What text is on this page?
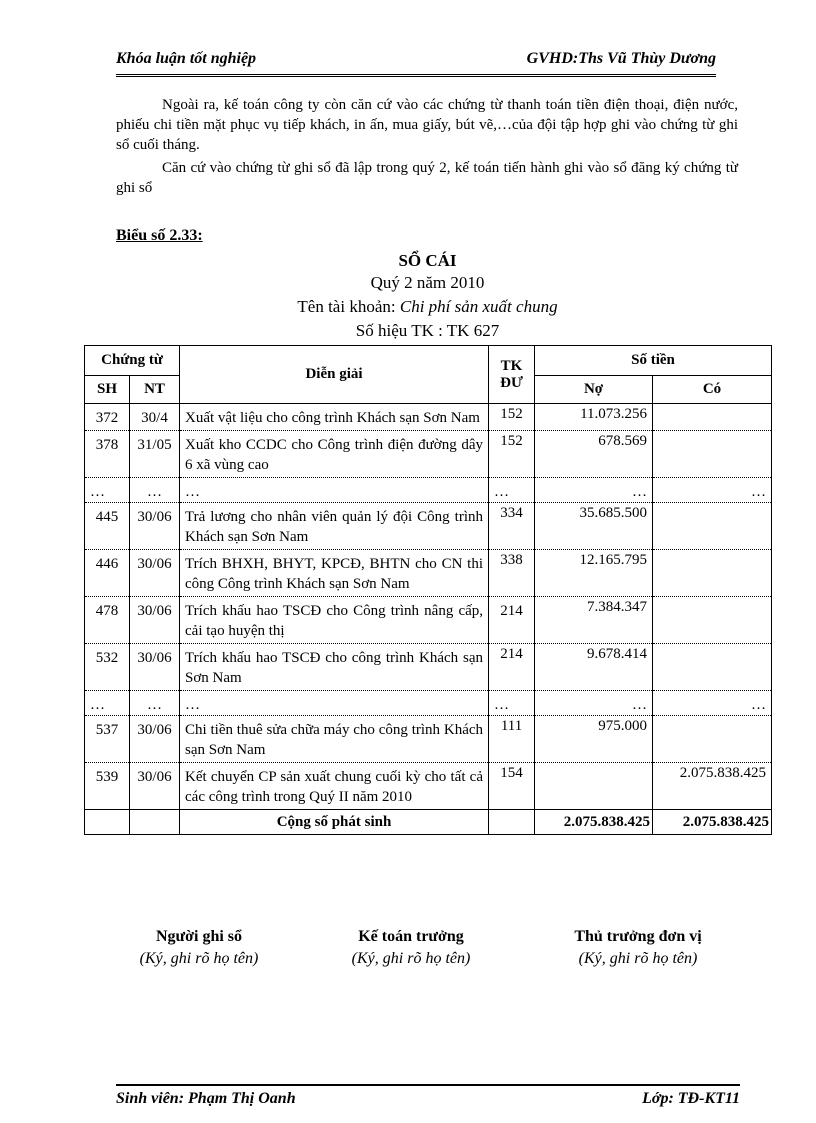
Khóa luận tốt nghiệp	GVHD:Ths Vũ Thùy Dương

Ngoài ra, kế toán công ty còn căn cứ vào các chứng từ thanh toán tiền điện thoại, điện nước, phiếu chi tiền mặt phục vụ tiếp khách, in ấn, mua giấy, bút vẽ,…của đội tập hợp ghi vào chứng từ ghi sổ cuối tháng.

Căn cứ vào chứng từ ghi sổ đã lập trong quý 2, kế toán tiến hành ghi vào sổ đăng ký chứng từ ghi sổ

Biểu số 2.33:
SỔ CÁI
Quý 2 năm 2010
Tên tài khoản: Chi phí sản xuất chung
Số hiệu TK : TK 627
Chứng từ		Diễn giải	TK ĐƯ	Số tiền	
SH	NT			Nợ	Có
372	30/4	Xuất vật liệu cho công trình Khách sạn Sơn Nam	152	11.073.256	
378	31/05	Xuất kho CCDC cho Công trình điện đường dây 6 xã vùng cao	152	678.569	
…	…	…	…	…	…
445	30/06	Trả lương cho nhân viên quản lý đội Công trình Khách sạn Sơn Nam	334	35.685.500	
446	30/06	Trích BHXH, BHYT, KPCĐ, BHTN cho CN thi công Công trình Khách sạn Sơn Nam	338	12.165.795	
478	30/06	Trích khấu hao TSCĐ cho Công trình nâng cấp, cải tạo huyện thị	214	7.384.347	
532	30/06	Trích khấu hao TSCĐ cho công trình Khách sạn Sơn Nam	214	9.678.414	
…	…	…	…	…	…
537	30/06	Chi tiền thuê sửa chữa máy cho công trình Khách sạn Sơn Nam	111	975.000	
539	30/06	Kết chuyển CP sản xuất chung cuối kỳ cho tất cả các công trình trong Quý II năm 2010	154		2.075.838.425
		Cộng số phát sinh		2.075.838.425	2.075.838.425
Người ghi sổ
(Ký, ghi rõ họ tên)
Kế toán trưởng
(Ký, ghi rõ họ tên)
Thủ trưởng đơn vị
(Ký, ghi rõ họ tên)
Sinh viên: Phạm Thị Oanh	Lớp: TĐ-KT11
